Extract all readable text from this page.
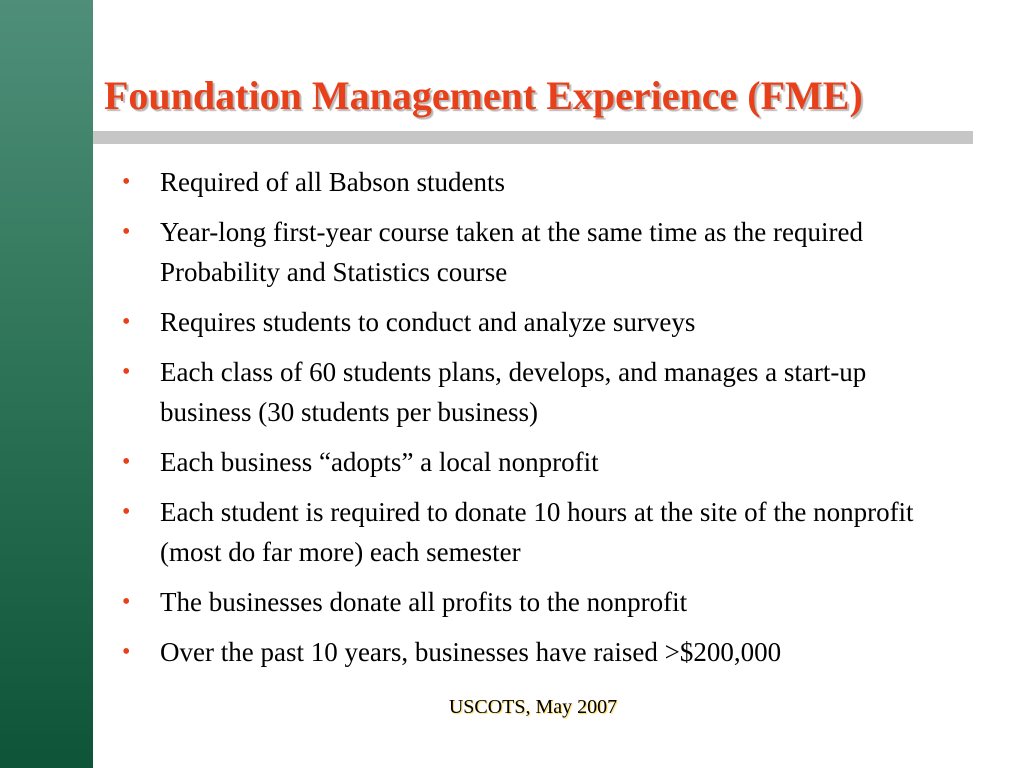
Foundation Management Experience (FME)
•	Required of all Babson students
•	Year-long first-year course taken at the same time as the required Probability and Statistics course
•	Requires students to conduct and analyze surveys
•	Each class of 60 students plans, develops, and manages a start-up business (30 students per business)
•	Each business “adopts” a local nonprofit
•	Each student is required to donate 10 hours at the site of the nonprofit (most do far more) each semester
•	The businesses donate all profits to the nonprofit
•	Over the past 10 years, businesses have raised >$200,000
USCOTS, May 2007
